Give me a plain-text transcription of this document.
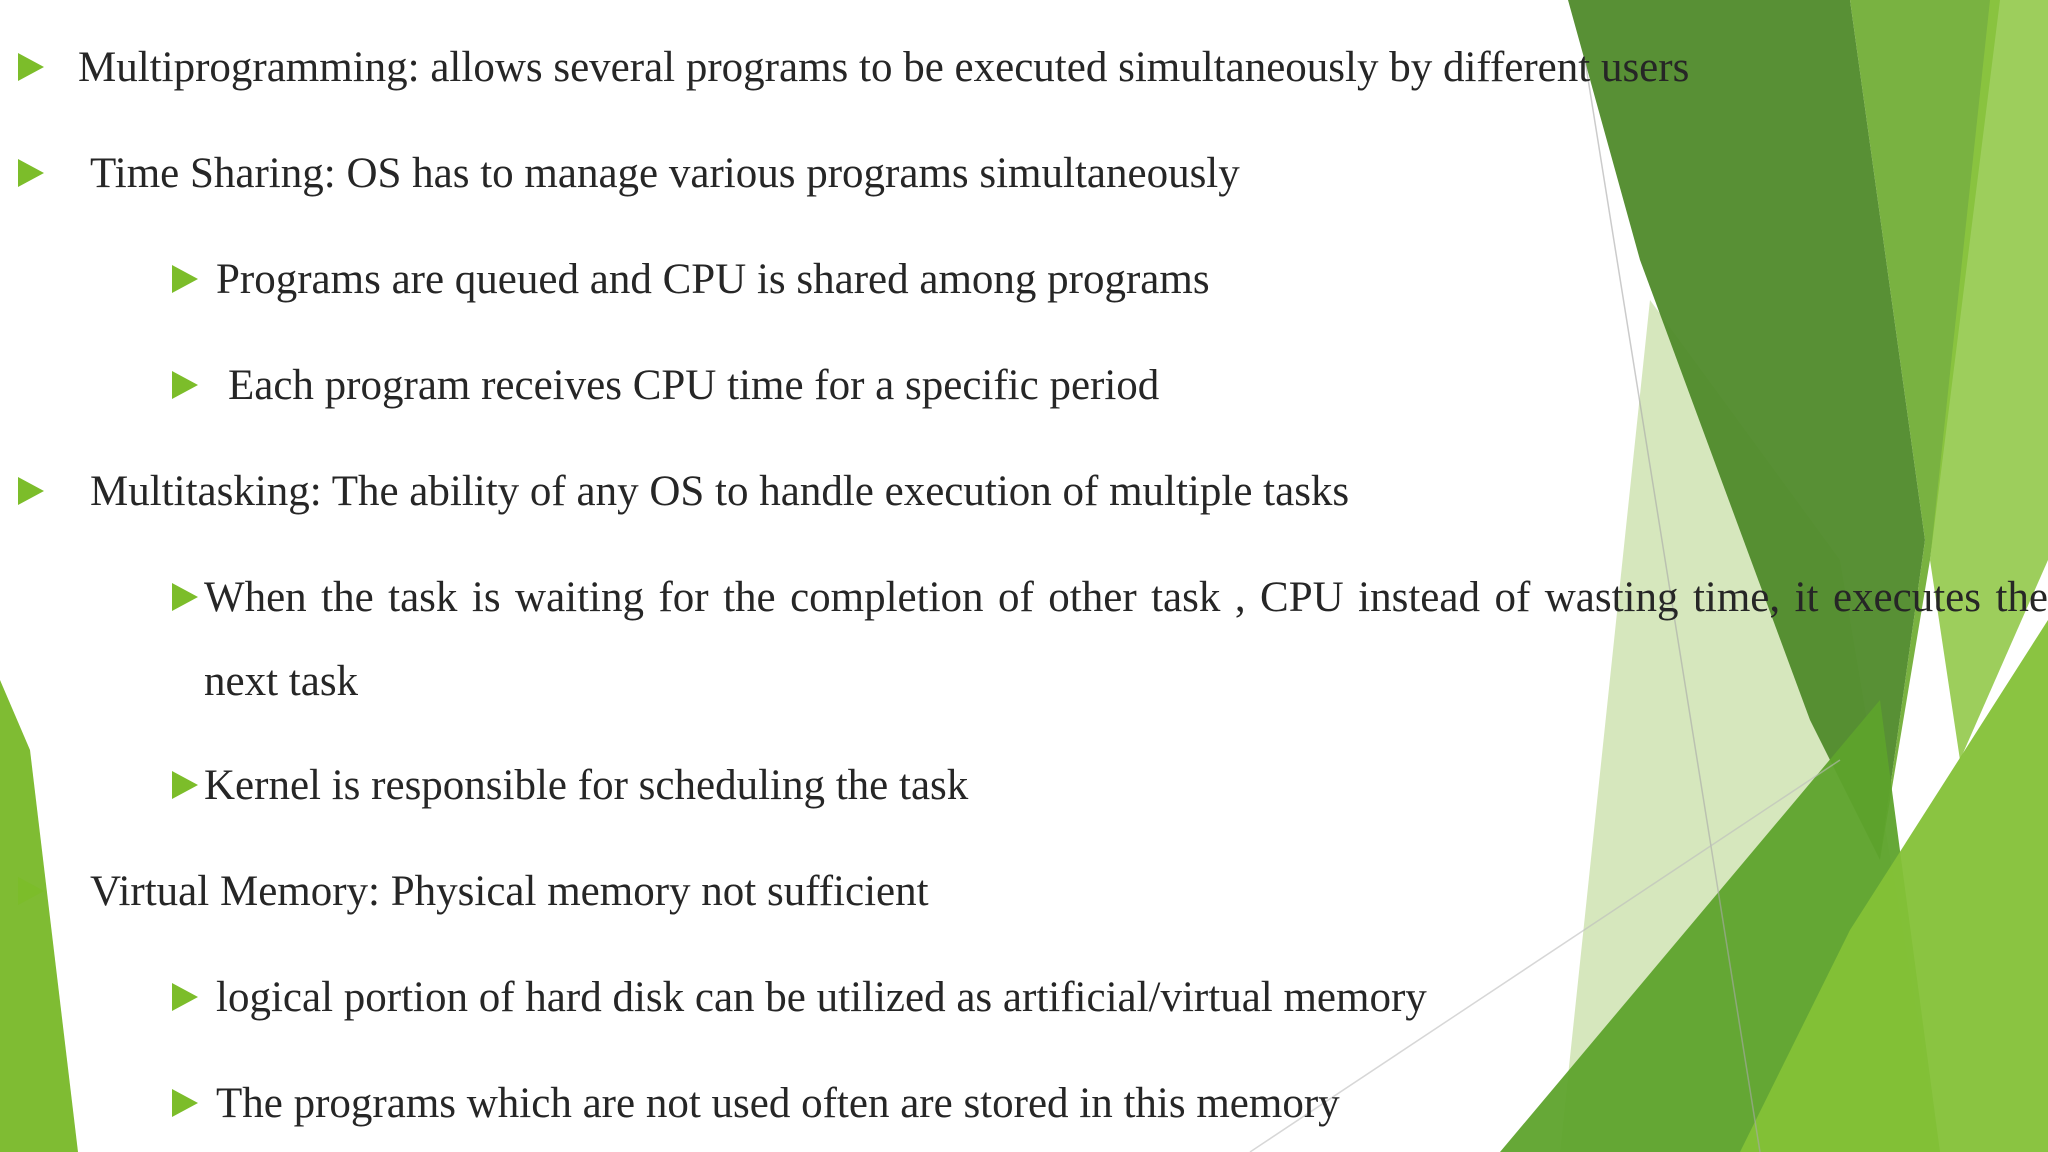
Multiprogramming: allows several programs to be executed simultaneously by different users
Time Sharing: OS has to manage various programs simultaneously
Programs are queued and CPU is shared among programs
Each program receives CPU time for a specific period
Multitasking: The ability of any OS to handle execution of multiple tasks
When the task is waiting for the completion of other task , CPU instead of wasting time, it executes the next task
Kernel is responsible for scheduling the task
Virtual Memory: Physical memory not sufficient
logical portion of hard disk can be utilized as artificial/virtual memory
The programs which are not used often are stored in this memory
